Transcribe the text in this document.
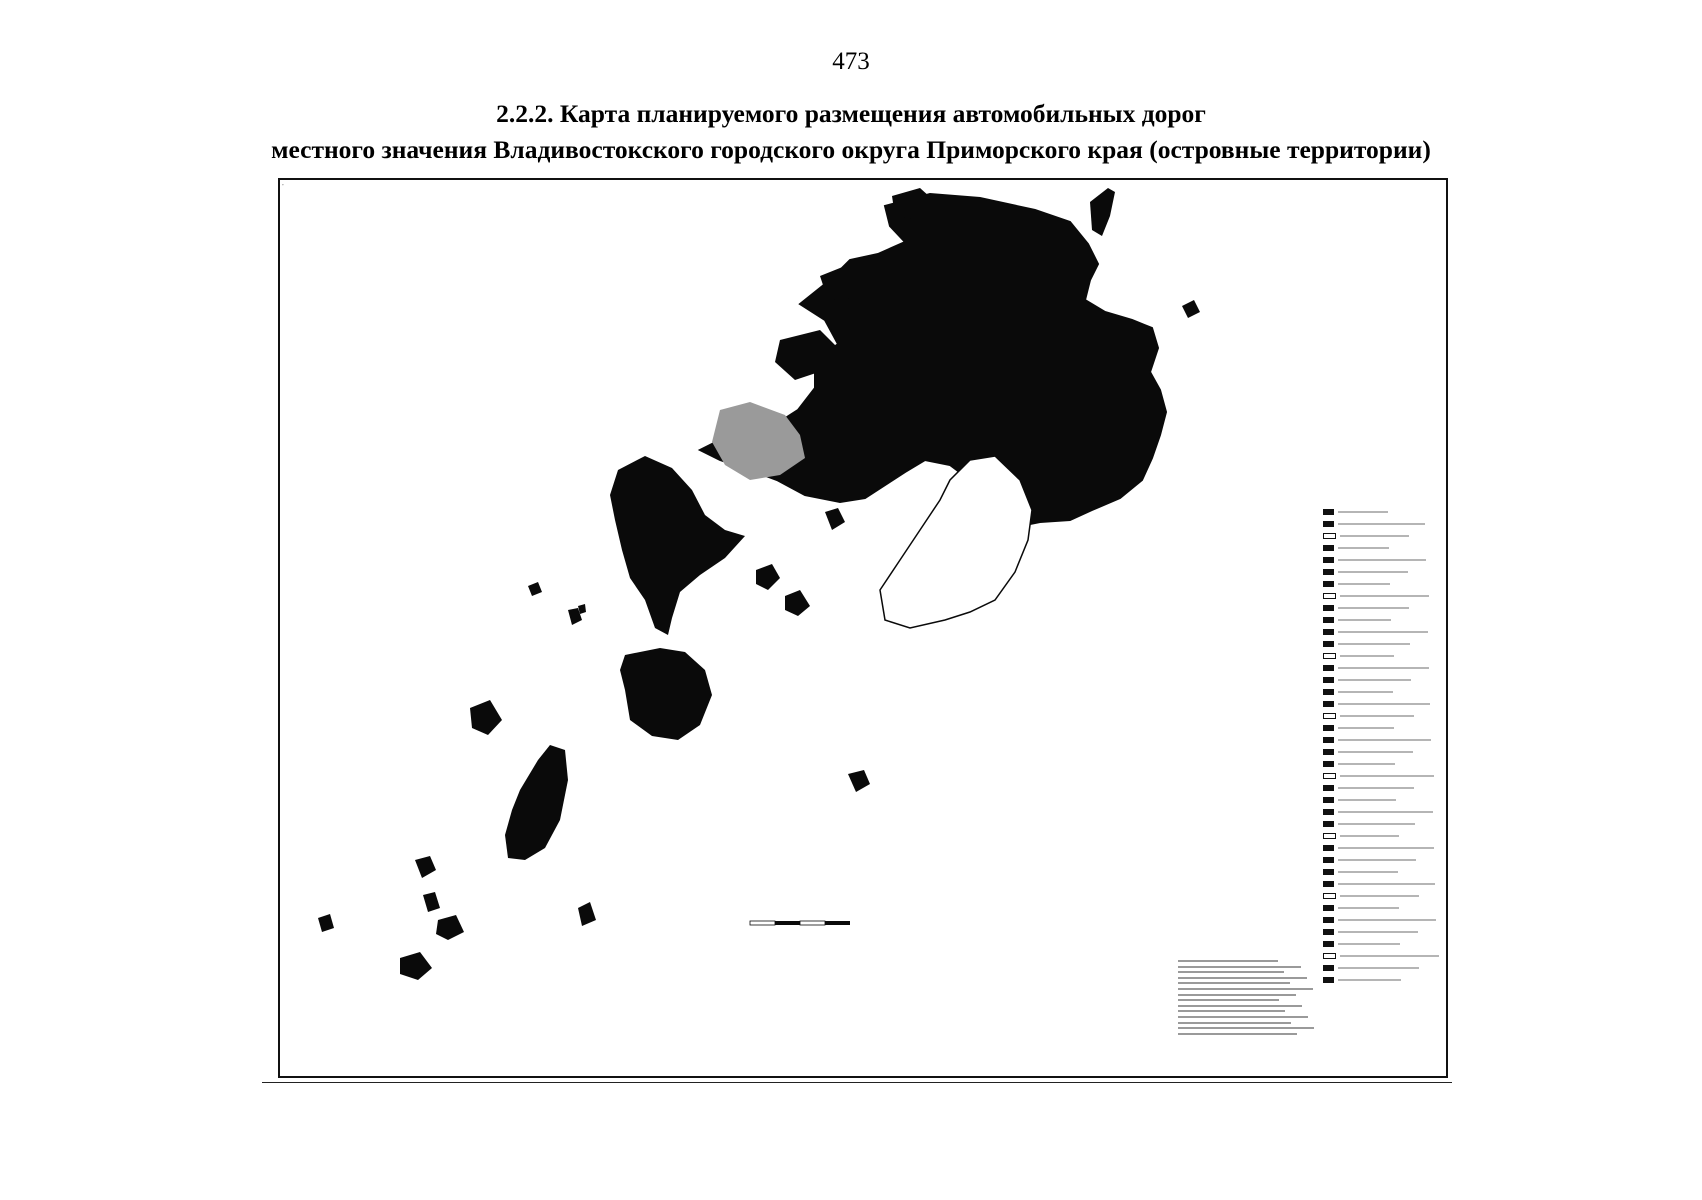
473
2.2.2. Карта планируемого размещения автомобильных дорог
местного значения Владивостокского городского округа Приморского края (островные территории)
▫
